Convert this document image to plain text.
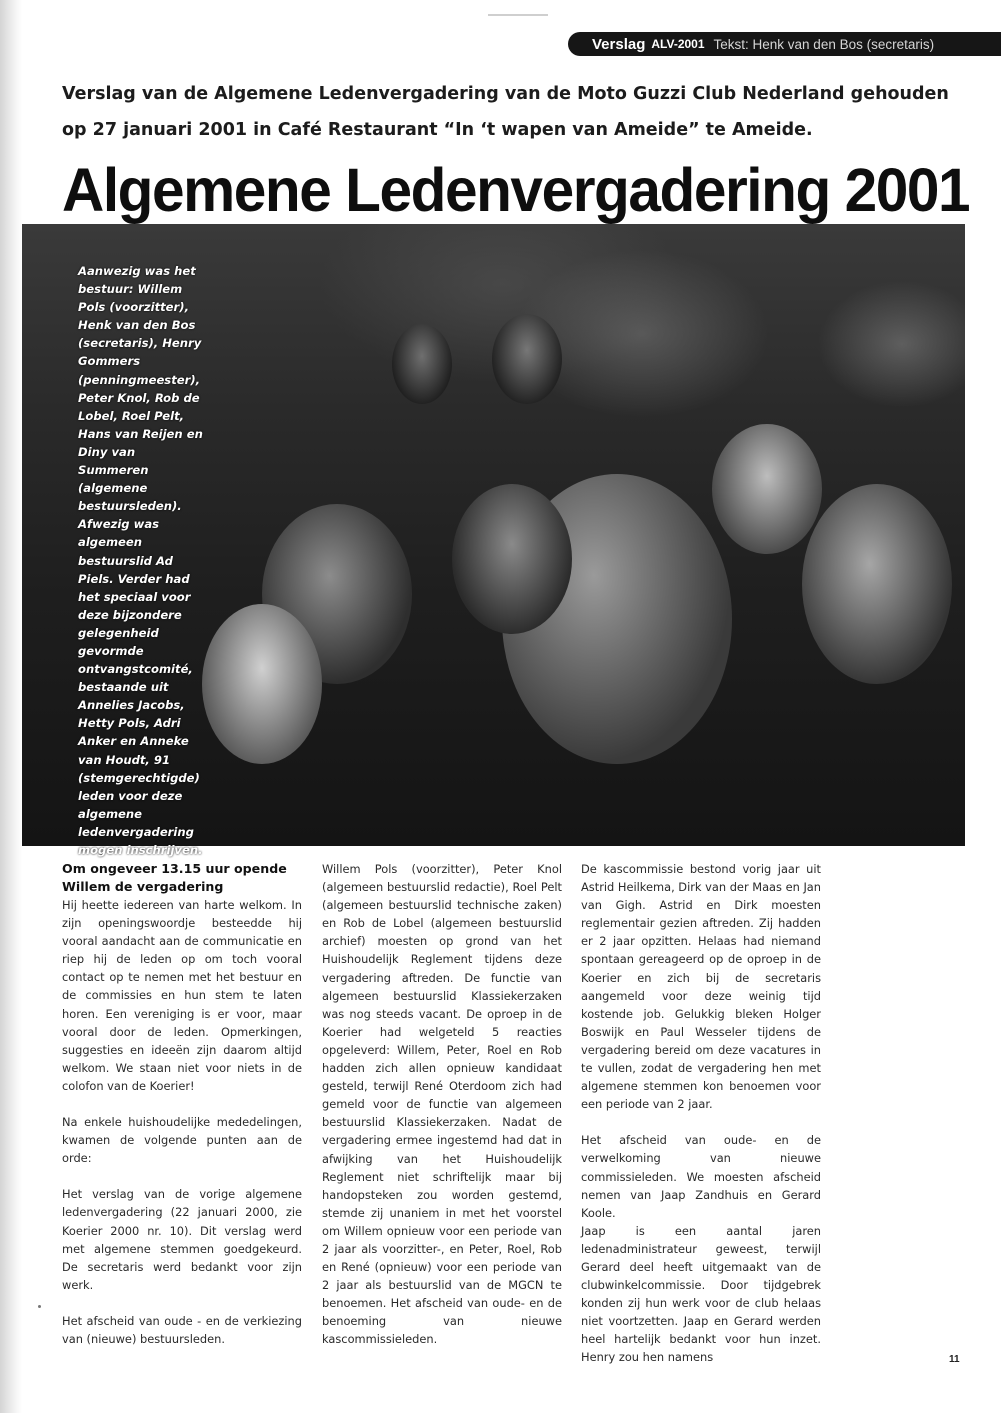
Verslag ALV-2001 Tekst: Henk van den Bos (secretaris)

Verslag van de Algemene Ledenvergadering van de Moto Guzzi Club Nederland gehouden op 27 januari 2001 in Café Restaurant “In ‘t wapen van Ameide” te Ameide.

Algemene Ledenvergadering 2001

Aanwezig was het bestuur: Willem Pols (voorzitter), Henk van den Bos (secretaris), Henry Gommers (penningmeester), Peter Knol, Rob de Lobel, Roel Pelt, Hans van Reijen en Diny van Summeren (algemene bestuursleden). Afwezig was algemeen bestuurslid Ad Piels. Verder had het speciaal voor deze bijzondere gelegenheid gevormde ontvangstcomité, bestaande uit Annelies Jacobs, Hetty Pols, Adri Anker en Anneke van Houdt, 91 (stemgerechtigde) leden voor deze algemene ledenvergadering mogen inschrijven.

Om ongeveer 13.15 uur opende Willem de vergadering

Hij heette iedereen van harte welkom. In zijn openingswoordje besteedde hij vooral aandacht aan de communicatie en riep hij de leden op om toch vooral contact op te nemen met het bestuur en de commissies en hun stem te laten horen. Een vereniging is er voor, maar vooral door de leden. Opmerkingen, suggesties en ideeën zijn daarom altijd welkom. We staan niet voor niets in de colofon van de Koerier!

Na enkele huishoudelijke mededelingen, kwamen de volgende punten aan de orde:

Het verslag van de vorige algemene ledenvergadering (22 januari 2000, zie Koerier 2000 nr. 10). Dit verslag werd met algemene stemmen goedgekeurd. De secretaris werd bedankt voor zijn werk.

Het afscheid van oude - en de verkiezing van (nieuwe) bestuursleden.

Willem Pols (voorzitter), Peter Knol (algemeen bestuurslid redactie), Roel Pelt (algemeen bestuurslid technische zaken) en Rob de Lobel (algemeen bestuurslid archief) moesten op grond van het Huishoudelijk Reglement tijdens deze vergadering aftreden. De functie van algemeen bestuurslid Klassiekerzaken was nog steeds vacant. De oproep in de Koerier had welgeteld 5 reacties opgeleverd: Willem, Peter, Roel en Rob hadden zich allen opnieuw kandidaat gesteld, terwijl René Oterdoom zich had gemeld voor de functie van algemeen bestuurslid Klassiekerzaken. Nadat de vergadering ermee ingestemd had dat in afwijking van het Huishoudelijk Reglement niet schriftelijk maar bij handopsteken zou worden gestemd, stemde zij unaniem in met het voorstel om Willem opnieuw voor een periode van 2 jaar als voorzitter-, en Peter, Roel, Rob en René (opnieuw) voor een periode van 2 jaar als bestuurslid van de MGCN te benoemen. Het afscheid van oude- en de benoeming van nieuwe kascommissieleden.

De kascommissie bestond vorig jaar uit Astrid Heilkema, Dirk van der Maas en Jan van Gigh. Astrid en Dirk moesten reglementair gezien aftreden. Zij hadden er 2 jaar opzitten. Helaas had niemand spontaan gereageerd op de oproep in de Koerier en zich bij de secretaris aangemeld voor deze weinig tijd kostende job. Gelukkig bleken Holger Boswijk en Paul Wesseler tijdens de vergadering bereid om deze vacatures in te vullen, zodat de vergadering hen met algemene stemmen kon benoemen voor een periode van 2 jaar.

Het afscheid van oude- en de verwelkoming van nieuwe commissieleden. We moesten afscheid nemen van Jaap Zandhuis en Gerard Koole.

Jaap is een aantal jaren ledenadministrateur geweest, terwijl Gerard deel heeft uitgemaakt van de clubwinkelcommissie. Door tijdgebrek konden zij hun werk voor de club helaas niet voortzetten. Jaap en Gerard werden heel hartelijk bedankt voor hun inzet. Henry zou hen namens	11
